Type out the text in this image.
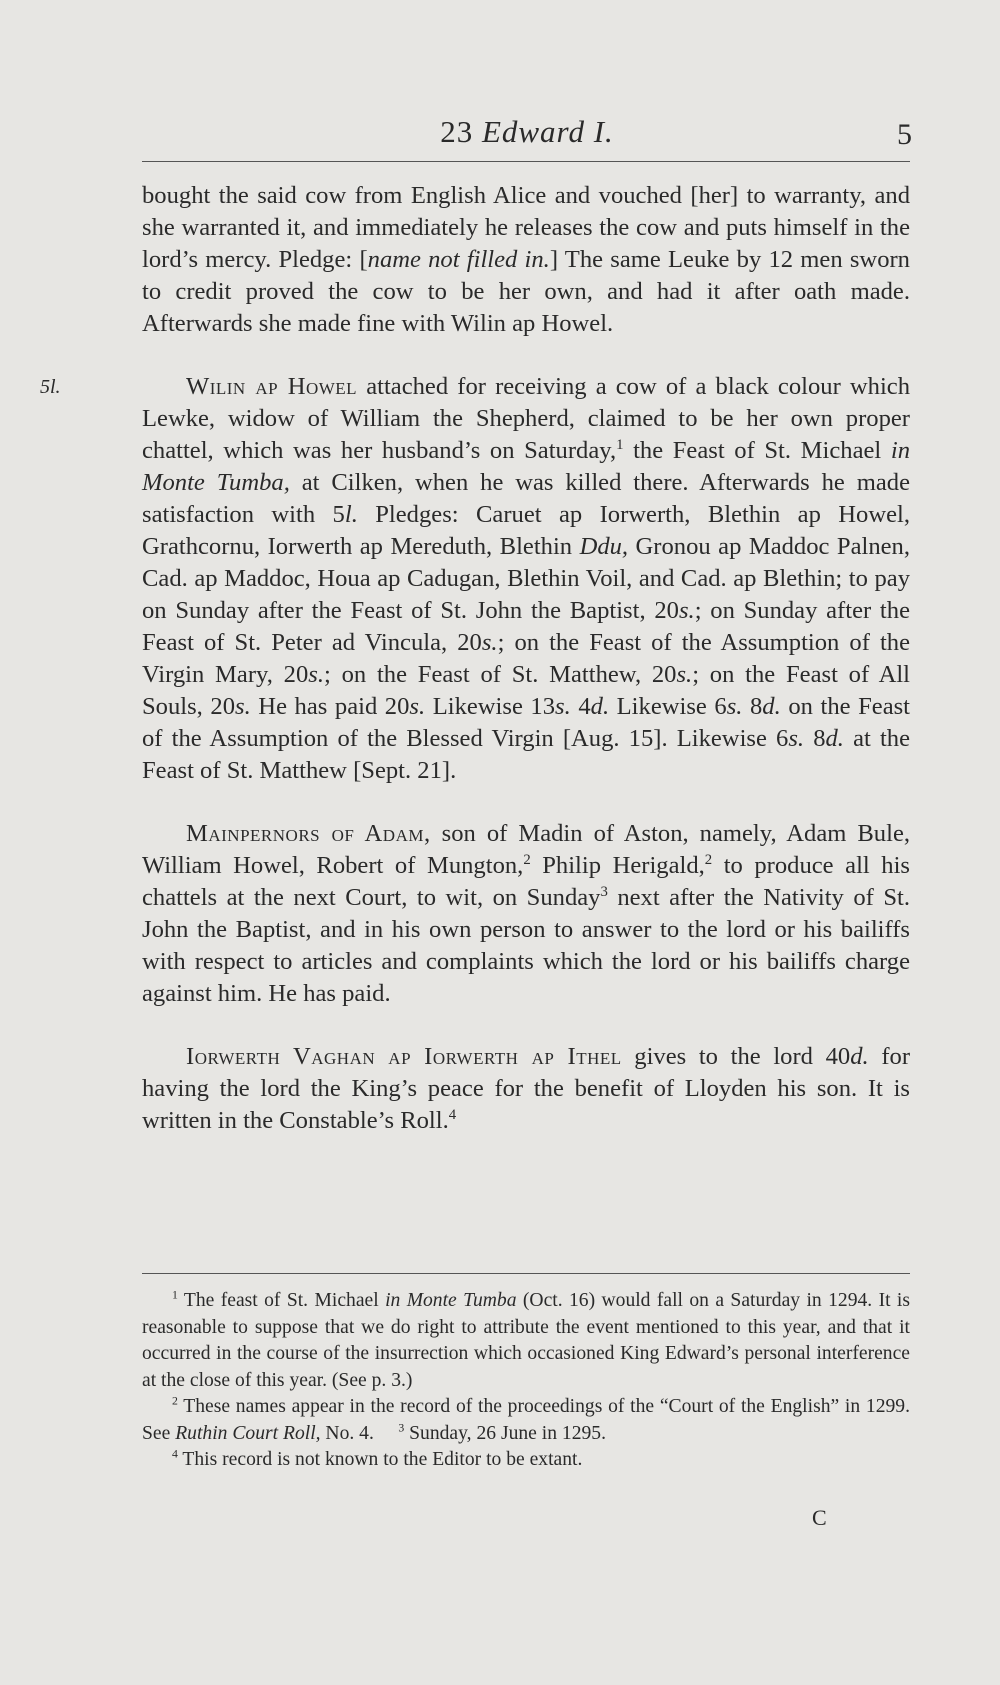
23 Edward I.	5

bought the said cow from English Alice and vouched [her] to warranty, and she warranted it, and immediately he releases the cow and puts himself in the lord’s mercy. Pledge: [name not filled in.] The same Leuke by 12 men sworn to credit proved the cow to be her own, and had it after oath made. Afterwards she made fine with Wilin ap Howel.

5l.	Wilin ap Howel attached for receiving a cow of a black colour which Lewke, widow of William the Shepherd, claimed to be her own proper chattel, which was her husband’s on Saturday,$^1$ the Feast of St. Michael in Monte Tumba, at Cilken, when he was killed there. Afterwards he made satisfaction with 5l. Pledges: Caruet ap Iorwerth, Blethin ap Howel, Grathcornu, Iorwerth ap Mereduth, Blethin Ddu, Gronou ap Maddoc Palnen, Cad. ap Maddoc, Houa ap Cadugan, Blethin Voil, and Cad. ap Blethin; to pay on Sunday after the Feast of St. John the Baptist, 20s.; on Sunday after the Feast of St. Peter ad Vincula, 20s.; on the Feast of the Assumption of the Virgin Mary, 20s.; on the Feast of St. Matthew, 20s.; on the Feast of All Souls, 20s. He has paid 20s. Likewise 13s. 4d. Likewise 6s. 8d. on the Feast of the Assumption of the Blessed Virgin [Aug. 15]. Likewise 6s. 8d. at the Feast of St. Matthew [Sept. 21].

Mainpernors of Adam, son of Madin of Aston, namely, Adam Bule, William Howel, Robert of Mungton,$^2$ Philip Herigald,$^2$ to produce all his chattels at the next Court, to wit, on Sunday$^3$ next after the Nativity of St. John the Baptist, and in his own person to answer to the lord or his bailiffs with respect to articles and complaints which the lord or his bailiffs charge against him. He has paid.

Iorwerth Vaghan ap Iorwerth ap Ithel gives to the lord 40d. for having the lord the King’s peace for the benefit of Lloyden his son. It is written in the Constable’s Roll.$^4$

$^1$ The feast of St. Michael in Monte Tumba (Oct. 16) would fall on a Saturday in 1294. It is reasonable to suppose that we do right to attribute the event mentioned to this year, and that it occurred in the course of the insurrection which occasioned King Edward’s personal interference at the close of this year. (See p. 3.)

$^2$ These names appear in the record of the proceedings of the “Court of the English” in 1299. See Ruthin Court Roll, No. 4. $^3$ Sunday, 26 June in 1295.

$^4$ This record is not known to the Editor to be extant.

C
